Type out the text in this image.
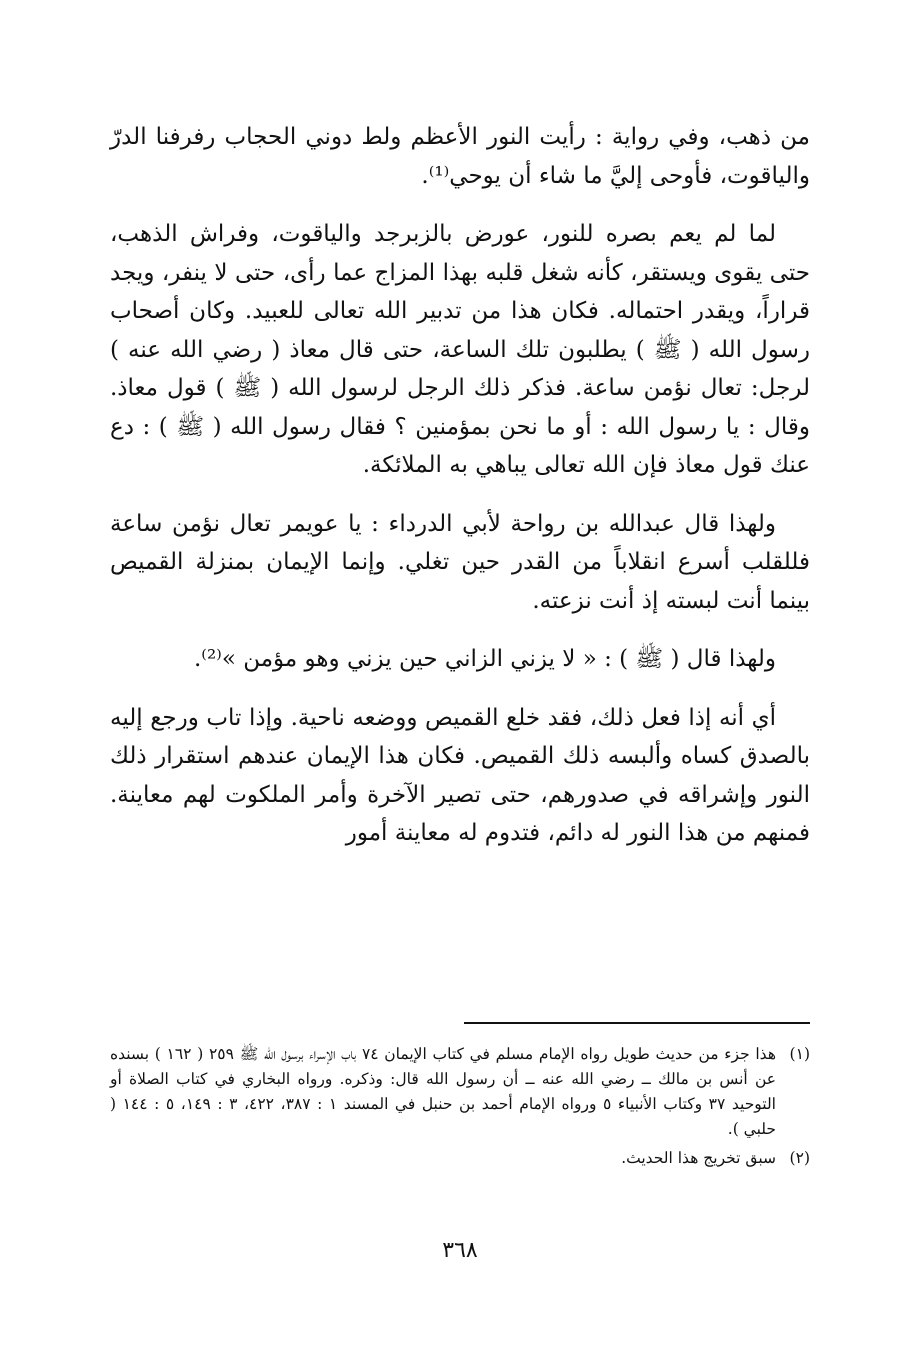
من ذهب، وفي رواية : رأيت النور الأعظم ولط دوني الحجاب رفرفنا الدرّ والياقوت، فأوحى إليَّ ما شاء أن يوحي⁽¹⁾.

لما لم يعم بصره للنور، عورض بالزبرجد والياقوت، وفراش الذهب، حتى يقوى ويستقر، كأنه شغل قلبه بهذا المزاج عما رأى، حتى لا ينفر، ويجد قراراً، ويقدر احتماله. فكان هذا من تدبير الله تعالى للعبيد. وكان أصحاب رسول الله ( ﷺ ) يطلبون تلك الساعة، حتى قال معاذ ( رضي الله عنه ) لرجل: تعال نؤمن ساعة. فذكر ذلك الرجل لرسول الله ( ﷺ ) قول معاذ. وقال : يا رسول الله : أو ما نحن بمؤمنين ؟ فقال رسول الله ( ﷺ ) : دع عنك قول معاذ فإن الله تعالى يباهي به الملائكة.

ولهذا قال عبدالله بن رواحة لأبي الدرداء : يا عويمر تعال نؤمن ساعة فللقلب أسرع انقلاباً من القدر حين تغلي. وإنما الإيمان بمنزلة القميص بينما أنت لبسته إذ أنت نزعته.

ولهذا قال ( ﷺ ) : « لا يزني الزاني حين يزني وهو مؤمن »⁽²⁾.

أي أنه إذا فعل ذلك، فقد خلع القميص ووضعه ناحية. وإذا تاب ورجع إليه بالصدق كساه وألبسه ذلك القميص. فكان هذا الإيمان عندهم استقرار ذلك النور وإشراقه في صدورهم، حتى تصير الآخرة وأمر الملكوت لهم معاينة. فمنهم من هذا النور له دائم، فتدوم له معاينة أمور

(١)
هذا جزء من حديث طويل رواه الإمام مسلم في كتاب الإيمان ٧٤ باب الإسراء برسول الله ﷺ ٢٥٩ ( ١٦٢ ) بسنده عن أنس بن مالك ــ رضي الله عنه ــ أن رسول الله قال: وذكره. ورواه البخاري في كتاب الصلاة أو التوحيد ٣٧ وكتاب الأنبياء ٥ ورواه الإمام أحمد بن حنبل في المسند ١ : ٣٨٧، ٤٢٢، ٣ : ١٤٩، ٥ : ١٤٤ ( حلبي ).
(٢)
سبق تخريج هذا الحديث.
٣٦٨
